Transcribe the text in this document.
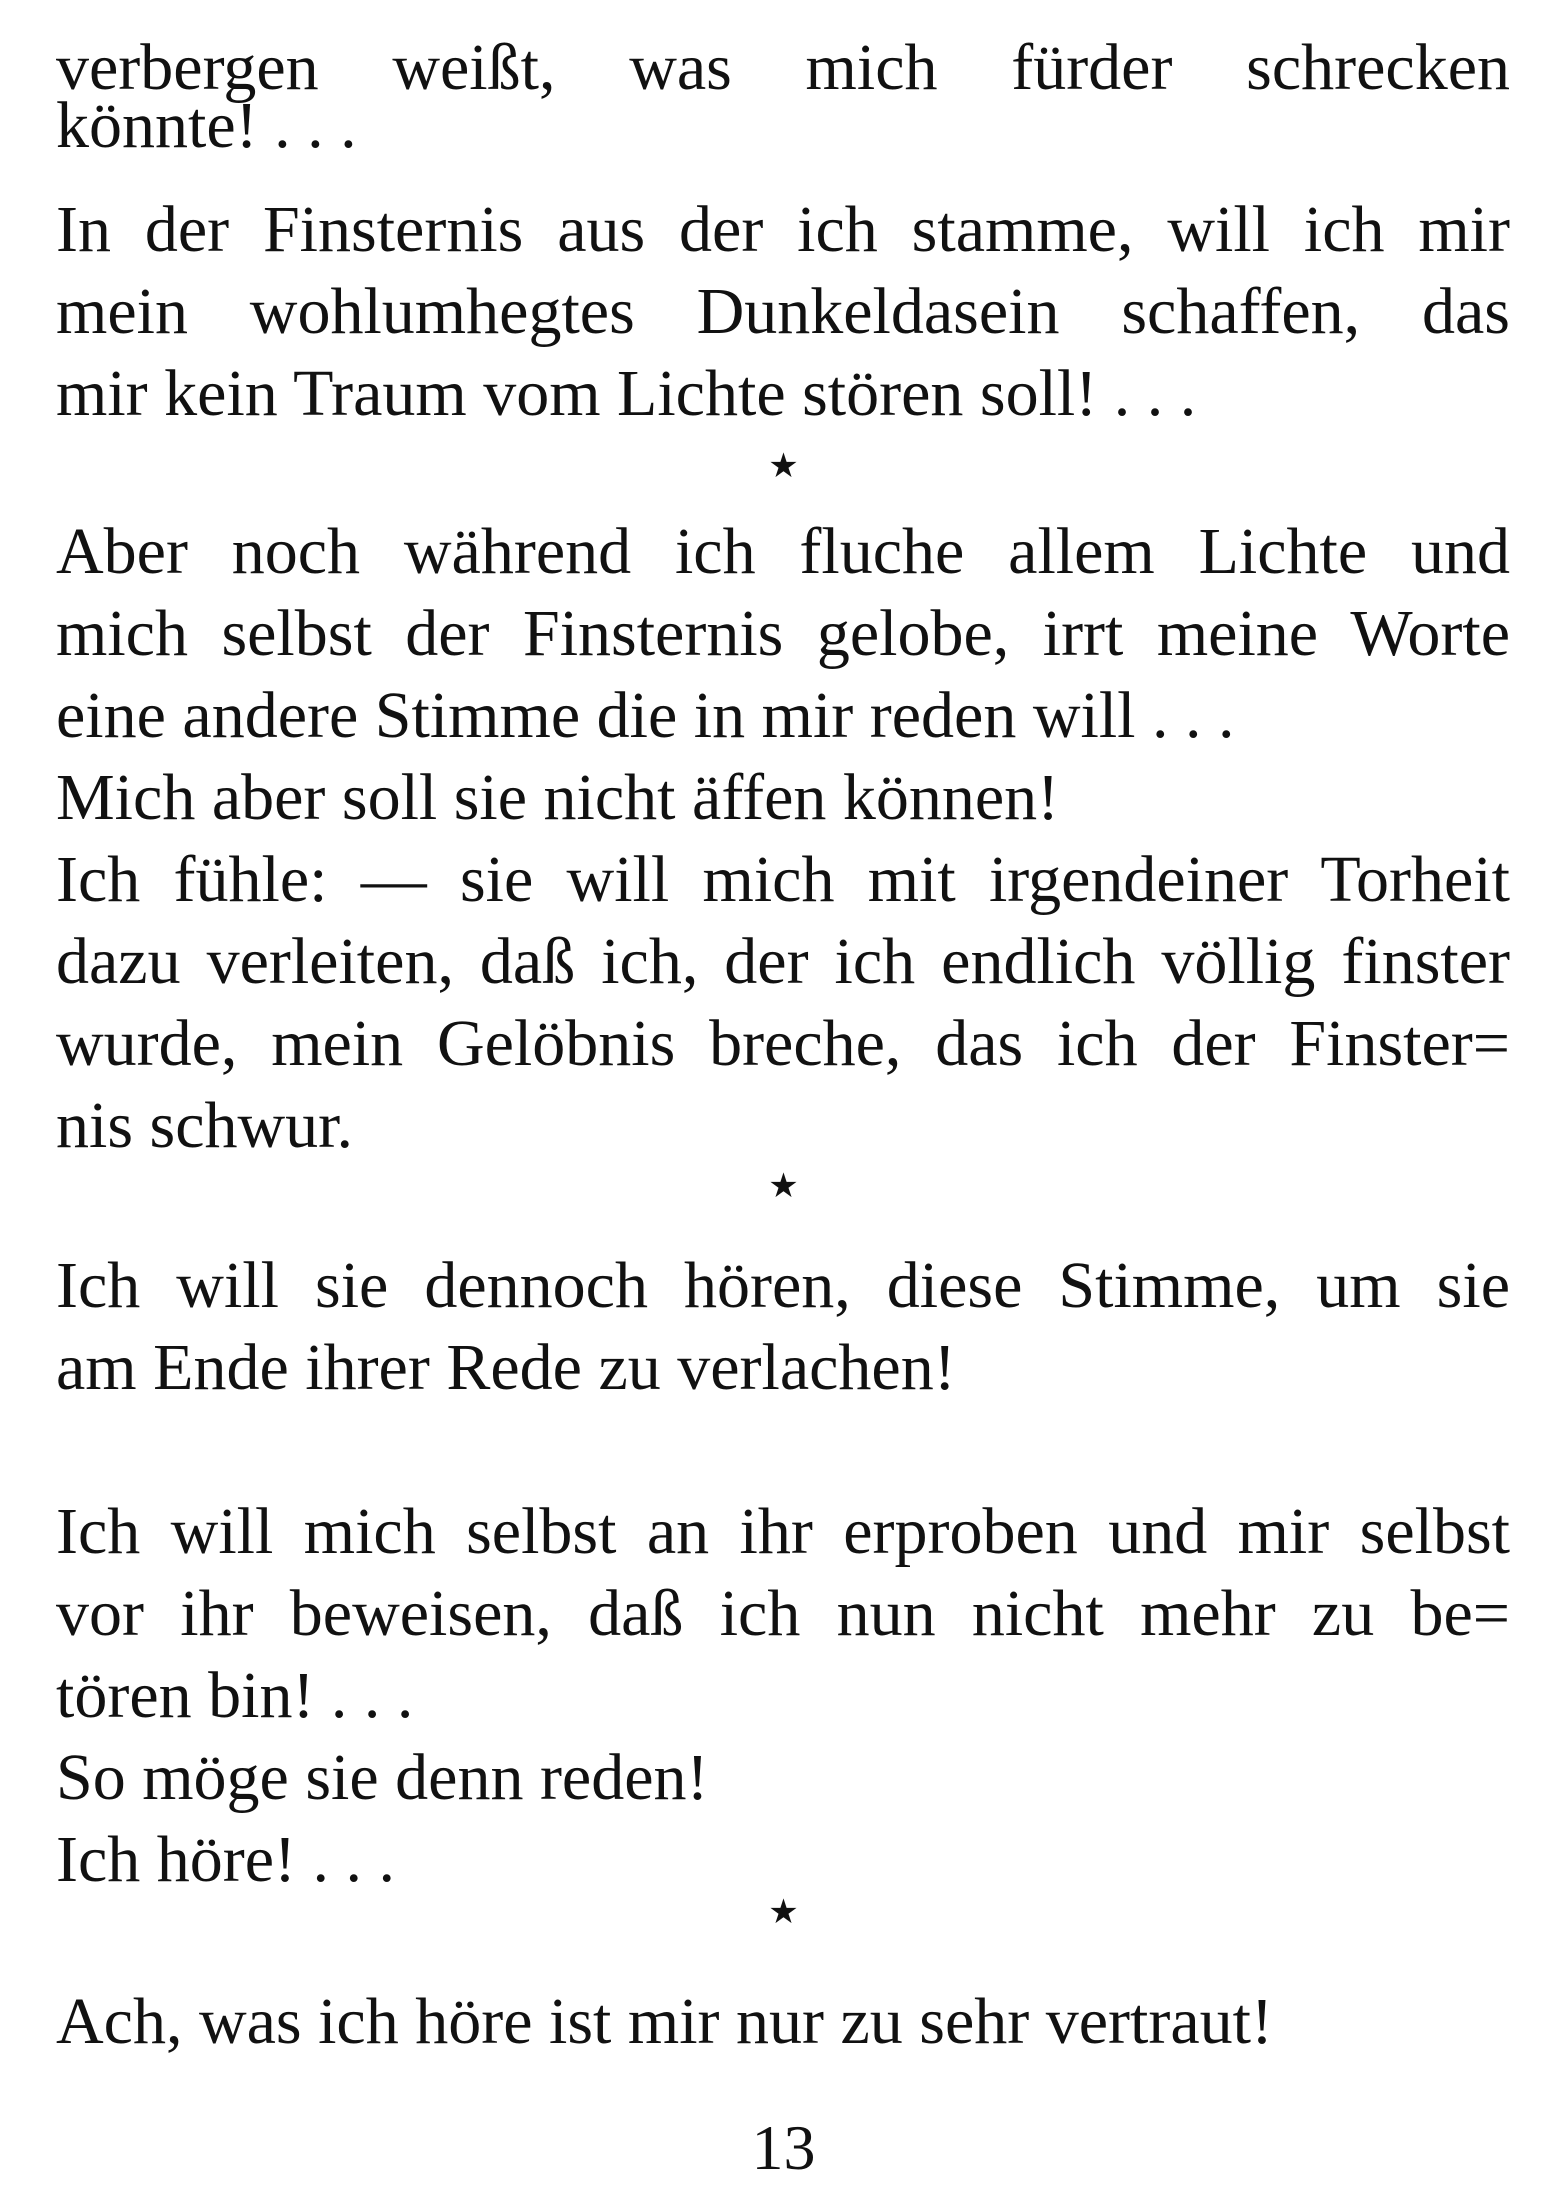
verbergen weißt, was mich fürder schrecken
könnte! . . .
In der Finsternis aus der ich stamme, will ich mir
mein wohlumhegtes Dunkeldasein schaffen, das
mir kein Traum vom Lichte stören soll! . . .
★
Aber noch während ich fluche allem Lichte und
mich selbst der Finsternis gelobe, irrt meine Worte
eine andere Stimme die in mir reden will . . .
Mich aber soll sie nicht äffen können!
Ich fühle: — sie will mich mit irgendeiner Torheit
dazu verleiten, daß ich, der ich endlich völlig finster
wurde, mein Gelöbnis breche, das ich der Finster=
nis schwur.
★
Ich will sie dennoch hören, diese Stimme, um sie
am Ende ihrer Rede zu verlachen!
Ich will mich selbst an ihr erproben und mir selbst
vor ihr beweisen, daß ich nun nicht mehr zu be=
tören bin! . . .
So möge sie denn reden!
Ich höre! . . .
★
Ach, was ich höre ist mir nur zu sehr vertraut!
13
